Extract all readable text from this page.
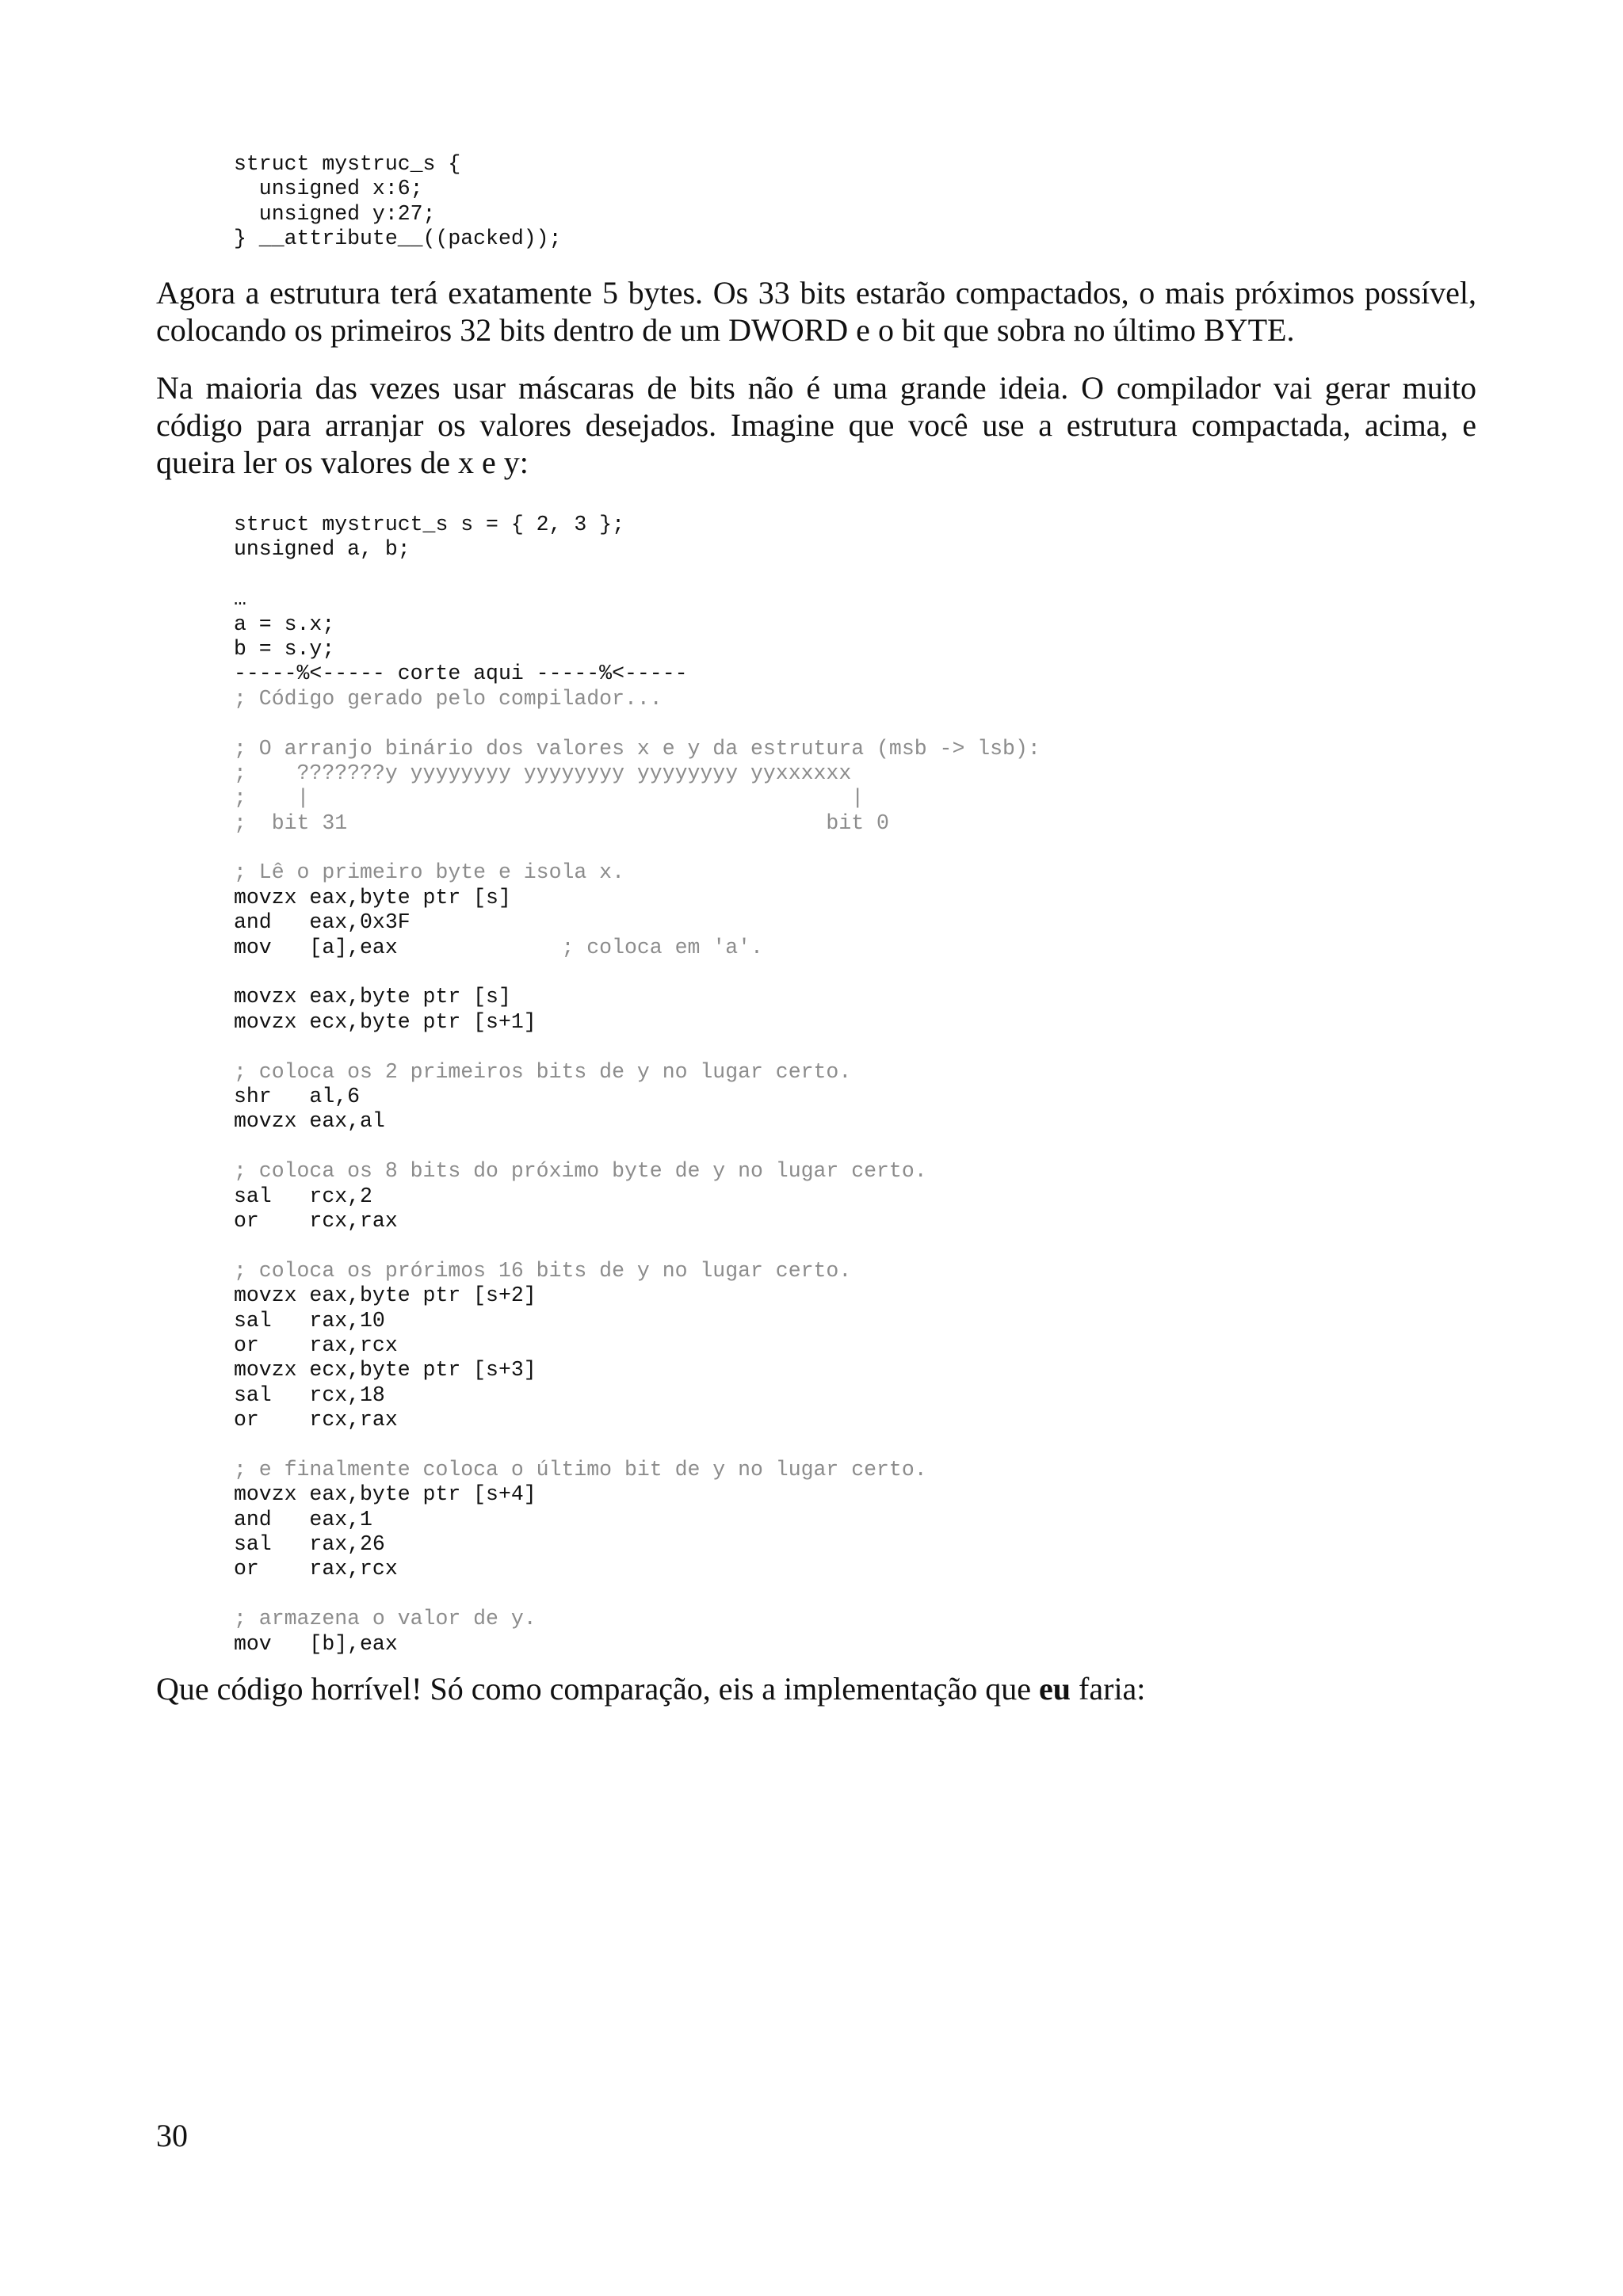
struct mystruc_s {
unsigned x:6;
unsigned y:27;
} __attribute__((packed));

Agora a estrutura terá exatamente 5 bytes. Os 33 bits estarão compactados, o mais próximos possível, colocando os primeiros 32 bits dentro de um DWORD e o bit que sobra no último BYTE.

Na maioria das vezes usar máscaras de bits não é uma grande ideia. O compilador vai gerar muito código para arranjar os valores desejados. Imagine que você use a estrutura compactada, acima, e queira ler os valores de x e y:

struct mystruct_s s = { 2, 3 };
unsigned a, b;
…
a = s.x;
b = s.y;
-----%<----- corte aqui -----%<-----
; Código gerado pelo compilador...
; O arranjo binário dos valores x e y da estrutura (msb -> lsb):
;    ???????y yyyyyyyy yyyyyyyy yyyyyyyy yyxxxxxx
;    |                                           |
;  bit 31                                      bit 0
; Lê o primeiro byte e isola x.
movzx eax,byte ptr [s]
and   eax,0x3F
mov   [a],eax             ; coloca em 'a'.
movzx eax,byte ptr [s]
movzx ecx,byte ptr [s+1]
; coloca os 2 primeiros bits de y no lugar certo.
shr   al,6
movzx eax,al
; coloca os 8 bits do próximo byte de y no lugar certo.
sal   rcx,2
or    rcx,rax
; coloca os prórimos 16 bits de y no lugar certo.
movzx eax,byte ptr [s+2]
sal   rax,10
or    rax,rcx
movzx ecx,byte ptr [s+3]
sal   rcx,18
or    rcx,rax
; e finalmente coloca o último bit de y no lugar certo.
movzx eax,byte ptr [s+4]
and   eax,1
sal   rax,26
or    rax,rcx
; armazena o valor de y.
mov   [b],eax

Que código horrível! Só como comparação, eis a implementação que eu faria:

30
